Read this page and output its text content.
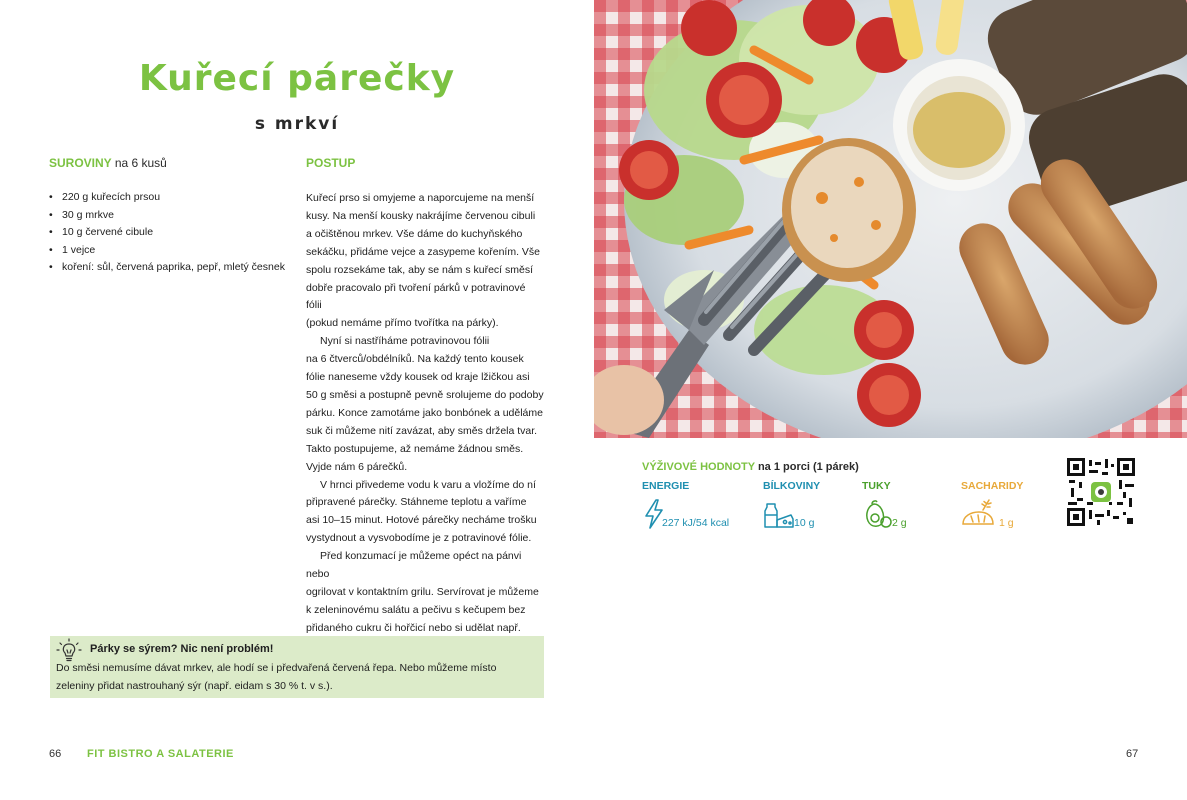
Kuřecí párečky
s mrkví
SUROVINY na 6 kusů
• 220 g kuřecích prsou
• 30 g mrkve
• 10 g červené cibule
• 1 vejce
• koření: sůl, červená paprika, pepř, mletý česnek
POSTUP

Kuřecí prso si omyjeme a naporcujeme na menší

kusy. Na menší kousky nakrájíme červenou cibuli

a očištěnou mrkev. Vše dáme do kuchyňského

sekáčku, přidáme vejce a zasypeme kořením. Vše

spolu rozsekáme tak, aby se nám s kuřecí směsí

dobře pracovalo při tvoření párků v potravinové fólii

(pokud nemáme přímo tvořítka na párky).

Nyní si nastříháme potravinovou fólii

na 6 čtverců/obdélníků. Na každý tento kousek

fólie naneseme vždy kousek od kraje lžičkou asi

50 g směsi a postupně pevně srolujeme do podoby

párku. Konce zamotáme jako bonbónek a uděláme

suk či můžeme nití zavázat, aby směs držela tvar.

Takto postupujeme, až nemáme žádnou směs.

Vyjde nám 6 párečků.

V hrnci přivedeme vodu k varu a vložíme do ní

připravené párečky. Stáhneme teplotu a vaříme

asi 10–15 minut. Hotové párečky necháme trošku

vystydnout a vysvobodíme je z potravinové fólie.

Před konzumací je můžeme opéct na pánvi nebo

ogrilovat v kontaktním grilu. Servírovat je můžeme

k zeleninovému salátu a pečivu s kečupem bez

přidaného cukru či hořčicí nebo si udělat např.

Párky se sýrem? Nic není problém!
Do směsi nemusíme dávat mrkev, ale hodí se i předvařená červená řepa. Nebo můžeme místo zeleniny přidat nastrouhaný sýr (např. eidam s 30 % t. v s.).
66 FIT BISTRO A SALATERIE
VÝŽIVOVÉ HODNOTY na 1 porci (1 párek)
ENERGIE
227 kJ/54 kcal
BÍLKOVINY
10 g
TUKY
2 g
SACHARIDY
1 g
67
